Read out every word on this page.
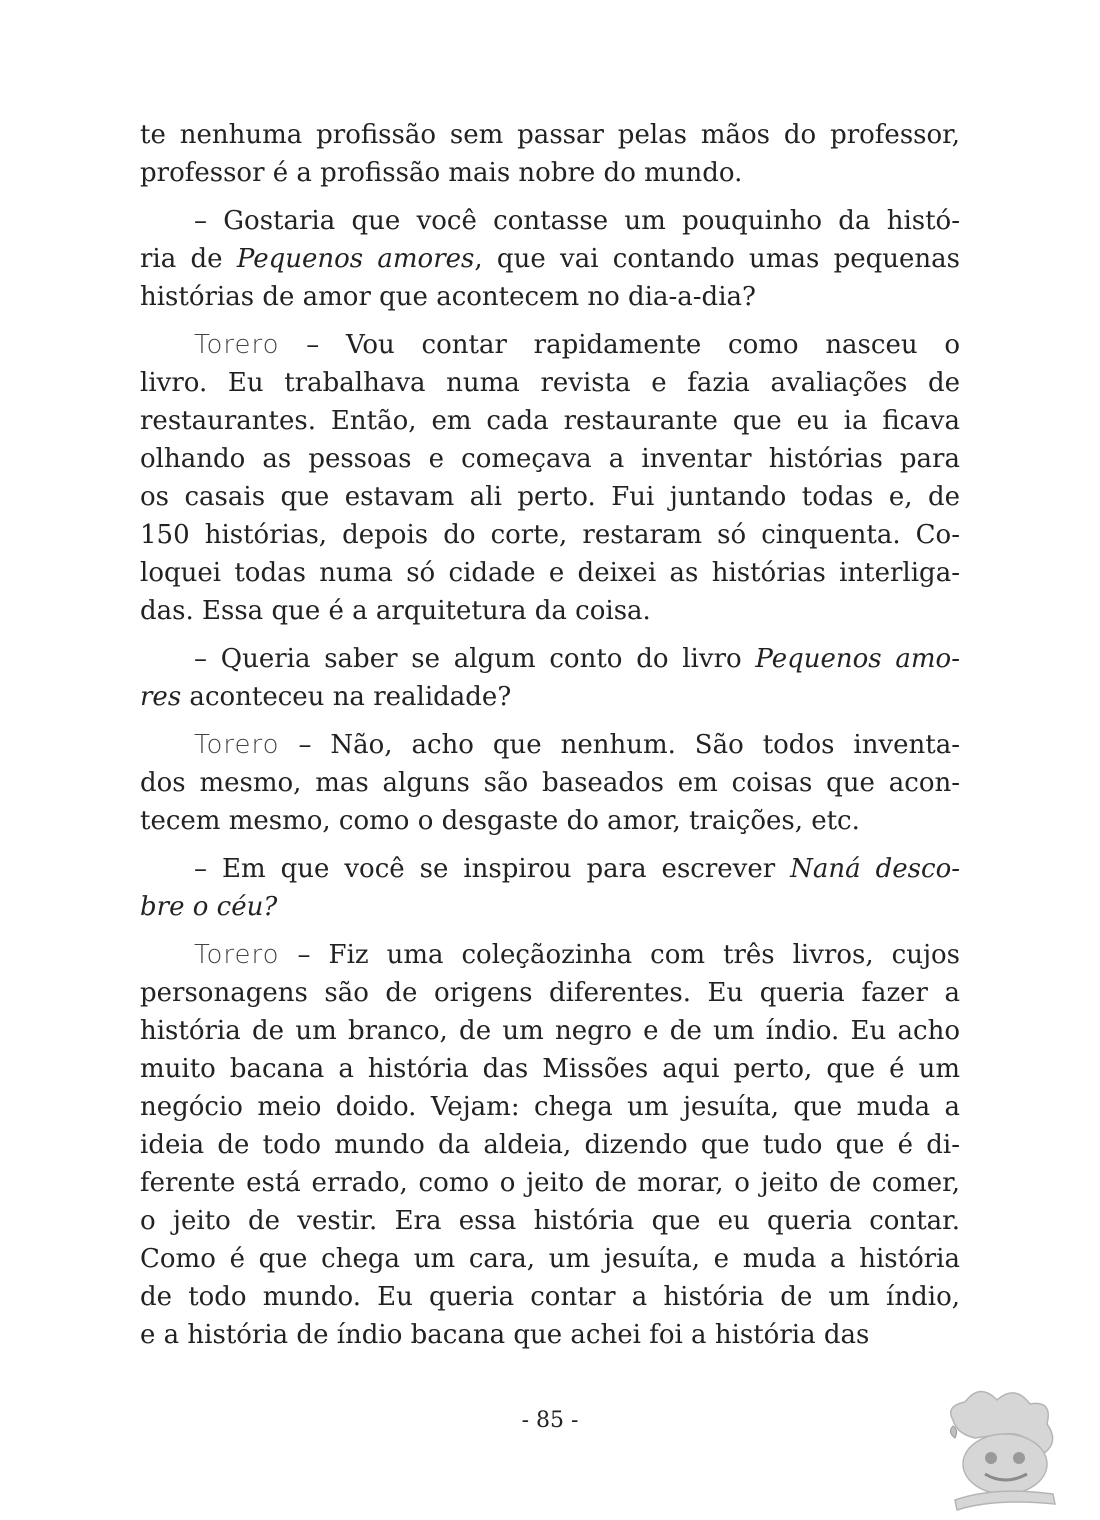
te nenhuma profissão sem passar pelas mãos do professor,
professor é a profissão mais nobre do mundo.
– Gostaria que você contasse um pouquinho da histó-
ria de Pequenos amores, que vai contando umas pequenas
histórias de amor que acontecem no dia-a-dia?
Torero – Vou contar rapidamente como nasceu o
livro. Eu trabalhava numa revista e fazia avaliações de
restaurantes. Então, em cada restaurante que eu ia ficava
olhando as pessoas e começava a inventar histórias para
os casais que estavam ali perto. Fui juntando todas e, de
150 histórias, depois do corte, restaram só cinquenta. Co-
loquei todas numa só cidade e deixei as histórias interliga-
das. Essa que é a arquitetura da coisa.
– Queria saber se algum conto do livro Pequenos amo-
res aconteceu na realidade?
Torero – Não, acho que nenhum. São todos inventa-
dos mesmo, mas alguns são baseados em coisas que acon-
tecem mesmo, como o desgaste do amor, traições, etc.
– Em que você se inspirou para escrever Naná desco-
bre o céu?
Torero – Fiz uma coleçãozinha com três livros, cujos
personagens são de origens diferentes. Eu queria fazer a
história de um branco, de um negro e de um índio. Eu acho
muito bacana a história das Missões aqui perto, que é um
negócio meio doido. Vejam: chega um jesuíta, que muda a
ideia de todo mundo da aldeia, dizendo que tudo que é di-
ferente está errado, como o jeito de morar, o jeito de comer,
o jeito de vestir. Era essa história que eu queria contar.
Como é que chega um cara, um jesuíta, e muda a história
de todo mundo. Eu queria contar a história de um índio,
e a história de índio bacana que achei foi a história das
- 85 -
